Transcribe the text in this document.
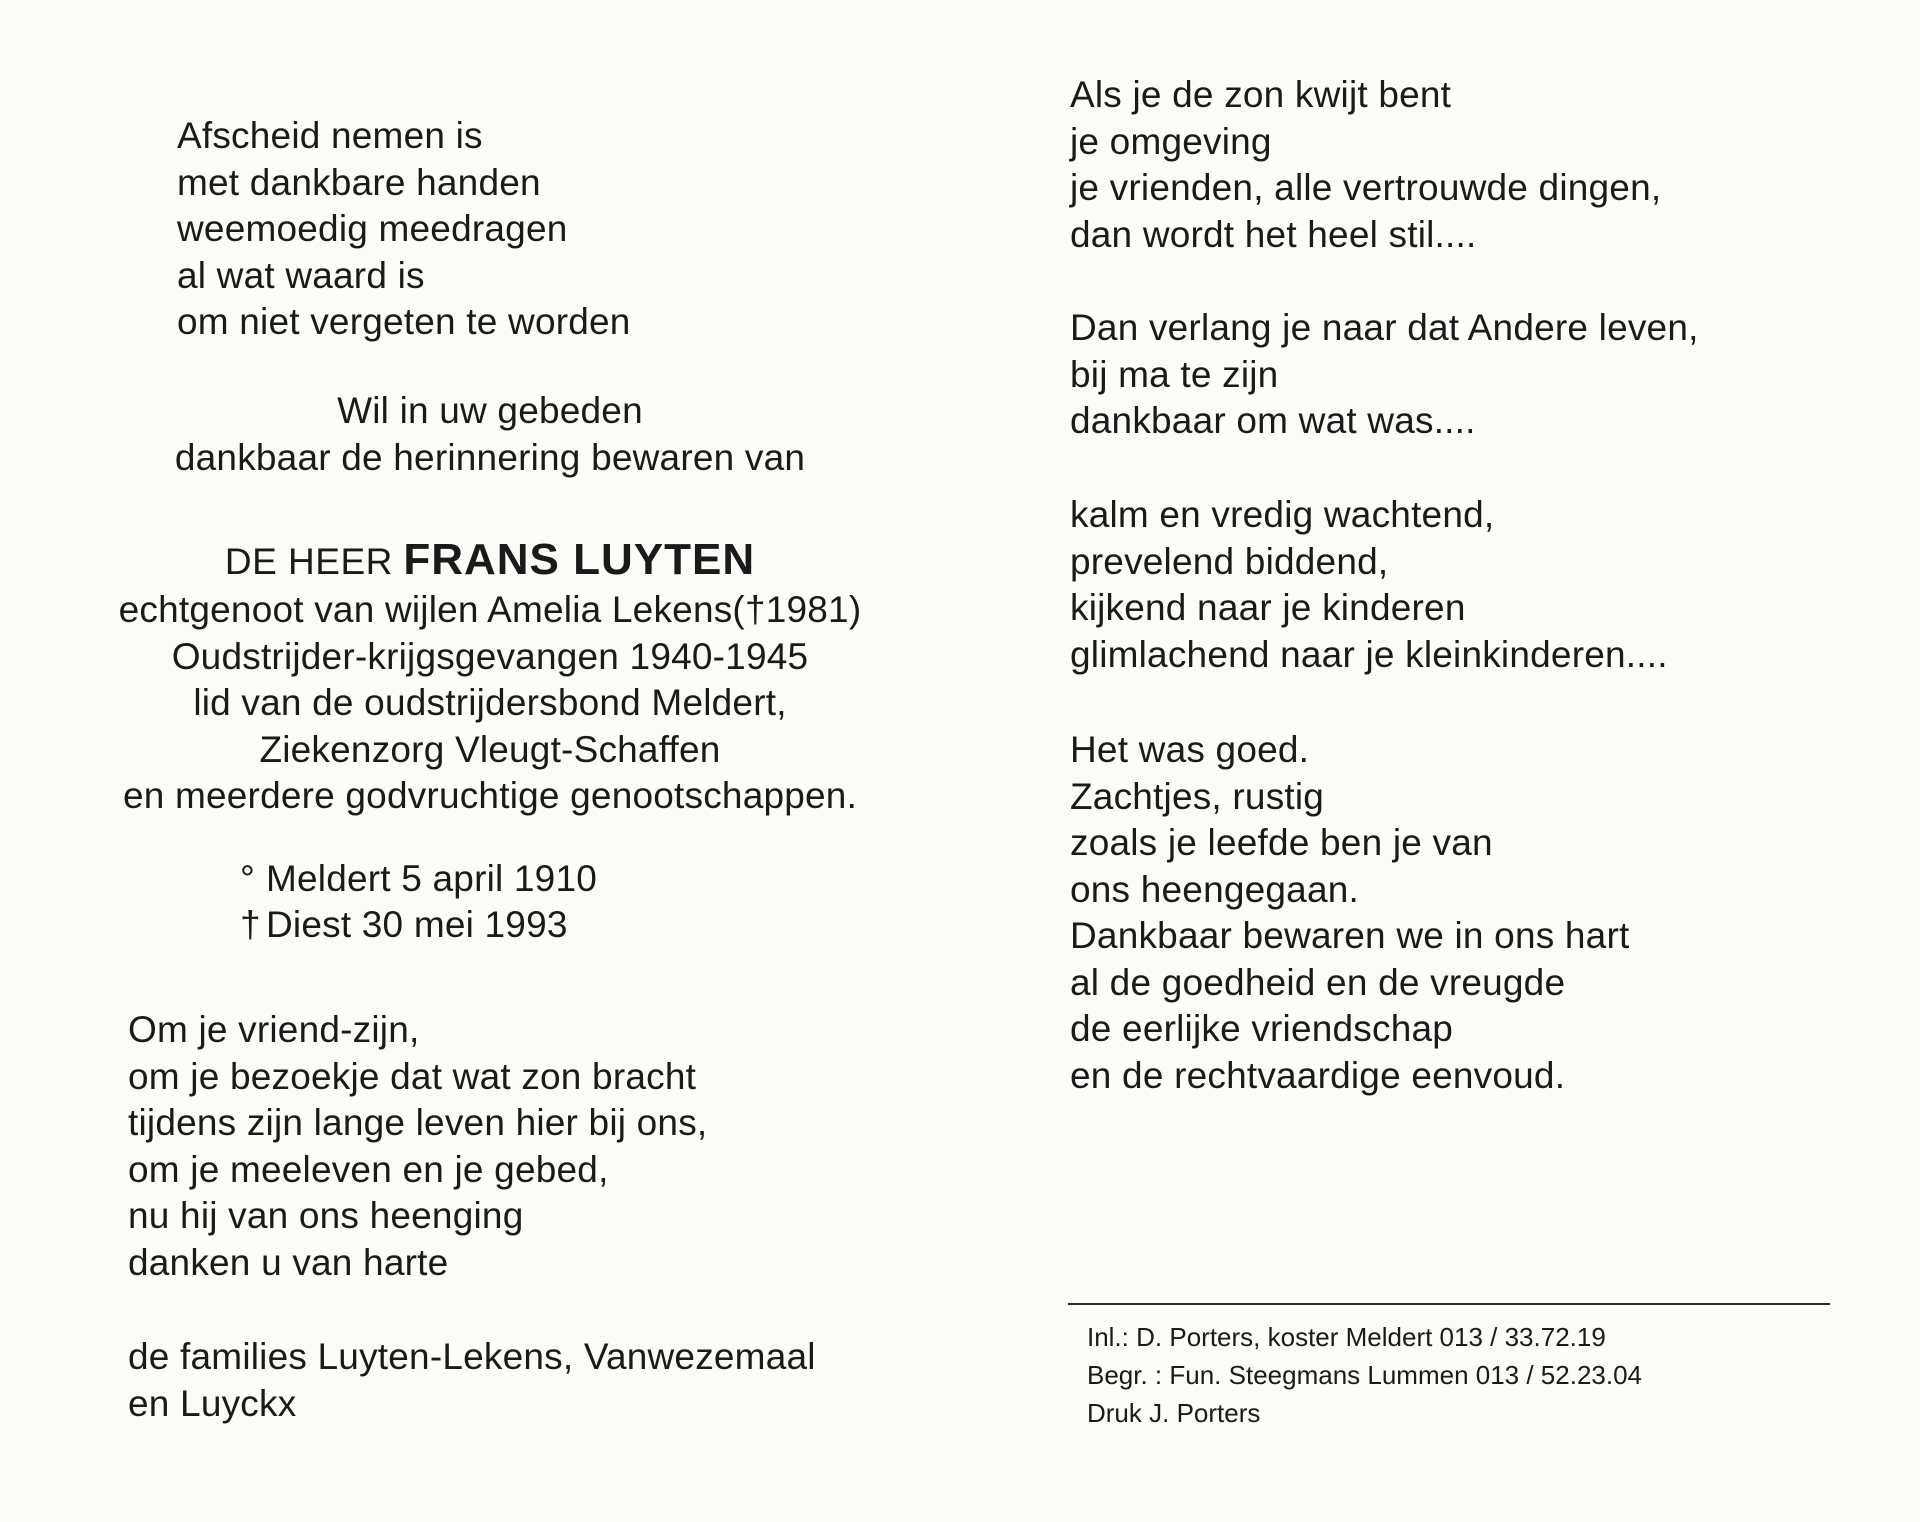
Afscheid nemen is
met dankbare handen
weemoedig meedragen
al wat waard is
om niet vergeten te worden
Wil in uw gebeden
dankbaar de herinnering bewaren van
DE HEER FRANS LUYTEN
echtgenoot van wijlen Amelia Lekens(†1981)
Oudstrijder-krijgsgevangen 1940-1945
lid van de oudstrijdersbond Meldert,
Ziekenzorg Vleugt-Schaffen
en meerdere godvruchtige genootschappen.
° Meldert 5 april 1910
† Diest 30 mei 1993
Om je vriend-zijn,
om je bezoekje dat wat zon bracht
tijdens zijn lange leven hier bij ons,
om je meeleven en je gebed,
nu hij van ons heenging
danken u van harte
de families Luyten-Lekens, Vanwezemaal
en Luyckx
Als je de zon kwijt bent
je omgeving
je vrienden, alle vertrouwde dingen,
dan wordt het heel stil....
Dan verlang je naar dat Andere leven,
bij ma te zijn
dankbaar om wat was....
kalm en vredig wachtend,
prevelend biddend,
kijkend naar je kinderen
glimlachend naar je kleinkinderen....
Het was goed.
Zachtjes, rustig
zoals je leefde ben je van
ons heengegaan.
Dankbaar bewaren we in ons hart
al de goedheid en de vreugde
de eerlijke vriendschap
en de rechtvaardige eenvoud.
Inl.: D. Porters, koster Meldert 013 / 33.72.19
Begr. : Fun. Steegmans Lummen 013 / 52.23.04
Druk J. Porters
